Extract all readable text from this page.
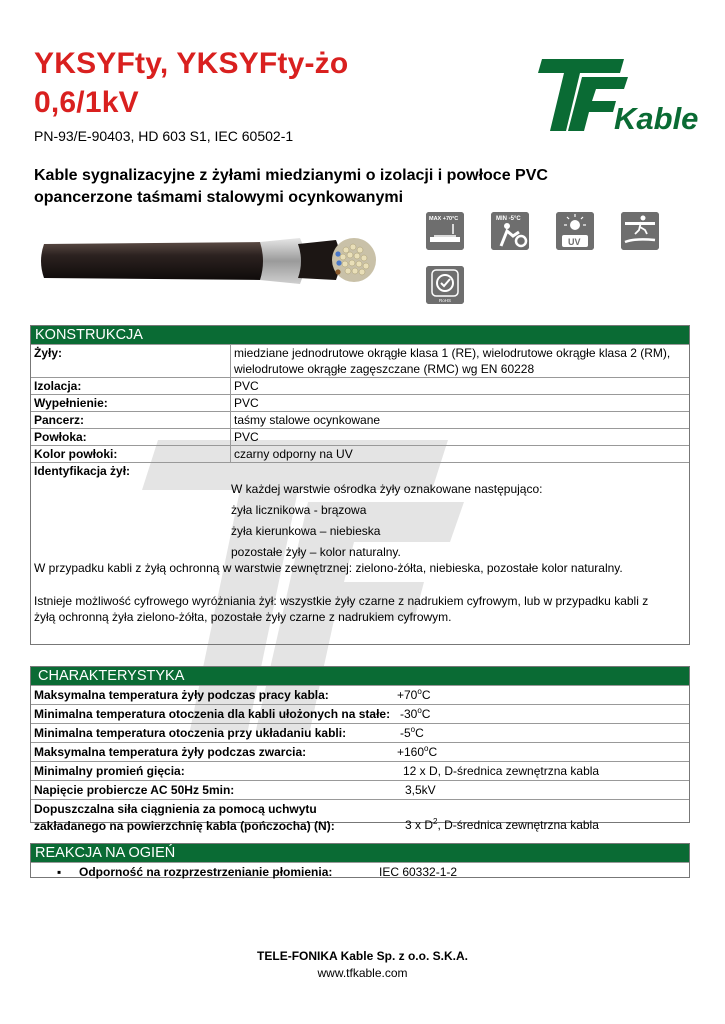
YKSYFty, YKSYFty-żo
0,6/1kV
PN-93/E-90403, HD 603 S1, IEC 60502-1
Kable sygnalizacyjne z żyłami miedzianymi o izolacji i powłoce PVC
opancerzone taśmami stalowymi ocynkowanymi
Kable
MAX +70°C	MIN -5°C
UV
RoHS
KONSTRUKCJA
Żyły:	miedziane jednodrutowe okrągłe klasa 1 (RE), wielodrutowe okrągłe klasa 2 (RM),
wielodrutowe okrągłe zagęszczane (RMC) wg EN 60228

Izolacja:	PVC
Wypełnienie:	PVC
Pancerz:	taśmy stalowe ocynkowane
Powłoka:	PVC
Kolor powłoki:	czarny odporny na UV
Identyfikacja żył:	
W każdej warstwie ośrodka żyły oznakowane następująco:
żyła licznikowa - brązowa
żyła kierunkowa – niebieska
pozostałe żyły – kolor naturalny.
W przypadku kabli z żyłą ochronną w warstwie zewnętrznej: zielono-żółta, niebieska, pozostałe kolor naturalny.
Istnieje możliwość cyfrowego wyróżniania żył: wszystkie żyły czarne z nadrukiem cyfrowym, lub w przypadku kabli z
żyłą ochronną żyła zielono-żółta, pozostałe żyły czarne z nadrukiem cyfrowym.
CHARAKTERYSTYKA
Maksymalna temperatura żyły podczas pracy kabla:	$+70^oC$
Minimalna temperatura otoczenia dla kabli ułożonych na stałe: -30$^o$C
Minimalna temperatura otoczenia przy układaniu kabli:	-5$^o$C
Maksymalna temperatura żyły podczas zwarcia:	$+160^oC$
Minimalny promień gięcia:	12 x D, D-średnica zewnętrzna kabla
Napięcie probiercze AC 50Hz 5min:	3,5kV
Dopuszczalna siła ciągnienia za pomocą uchwytu
zakładanego na powierzchnię kabla (pończocha) (N):	3 x $D^2$, D-średnica zewnętrzna kabla
REAKCJA NA OGIEŃ
▪ Odporność na rozprzestrzenianie płomienia:	IEC 60332-1-2
TELE-FONIKA Kable Sp. z o.o. S.K.A.
www.tfkable.com
